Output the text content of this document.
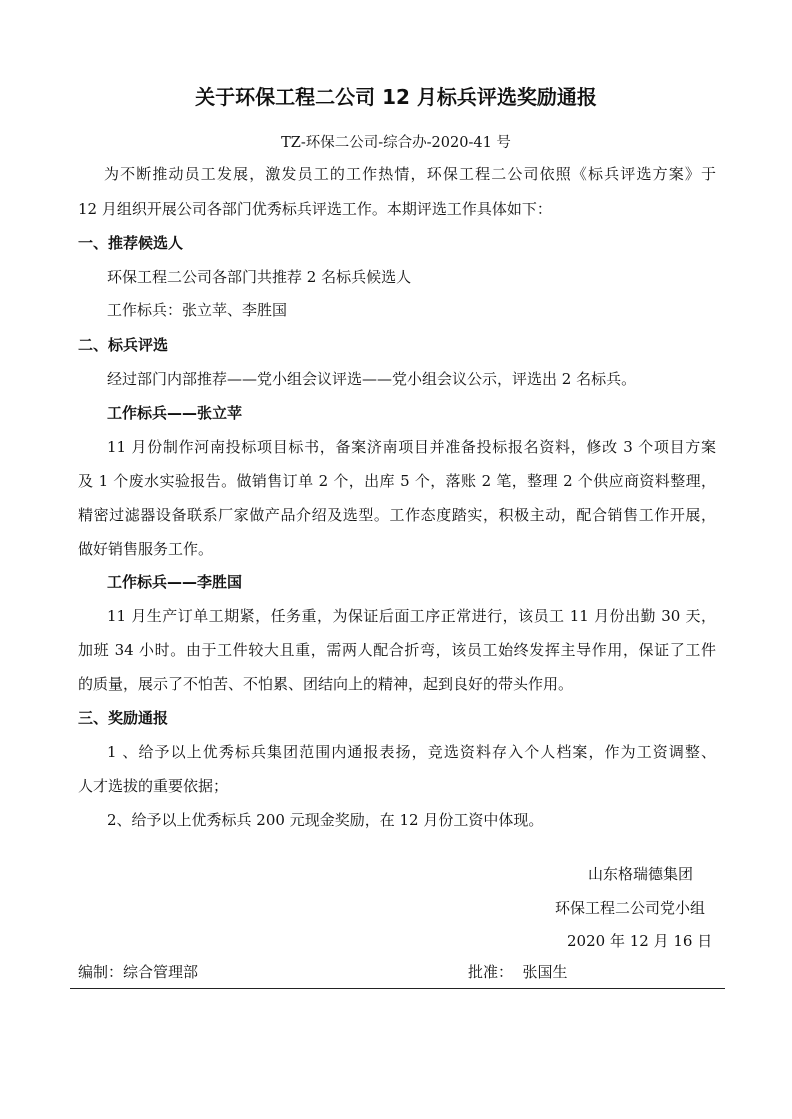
关于环保工程二公司 12 月标兵评选奖励通报
TZ-环保二公司-综合办-2020-41 号
为不断推动员工发展，激发员工的工作热情，环保工程二公司依照《标兵评选方案》于
12 月组织开展公司各部门优秀标兵评选工作。本期评选工作具体如下：
一、推荐候选人
环保工程二公司各部门共推荐 2 名标兵候选人
工作标兵：张立苹、李胜国
二、标兵评选
经过部门内部推荐——党小组会议评选——党小组会议公示，评选出 2 名标兵。
工作标兵——张立苹
11 月份制作河南投标项目标书，备案济南项目并准备投标报名资料，修改 3 个项目方案
及 1 个废水实验报告。做销售订单 2 个，出库 5 个，落账 2 笔，整理 2 个供应商资料整理，
精密过滤器设备联系厂家做产品介绍及选型。工作态度踏实，积极主动，配合销售工作开展，
做好销售服务工作。
工作标兵——李胜国
11 月生产订单工期紧，任务重，为保证后面工序正常进行，该员工 11 月份出勤 30 天，
加班 34 小时。由于工件较大且重，需两人配合折弯，该员工始终发挥主导作用，保证了工件
的质量，展示了不怕苦、不怕累、团结向上的精神，起到良好的带头作用。
三、奖励通报
1 、给予以上优秀标兵集团范围内通报表扬，竞选资料存入个人档案，作为工资调整、
人才选拔的重要依据；
2、给予以上优秀标兵 200 元现金奖励，在 12 月份工资中体现。
山东格瑞德集团
环保工程二公司党小组
2020 年 12 月 16 日
编制：综合管理部	批准：  张国生
